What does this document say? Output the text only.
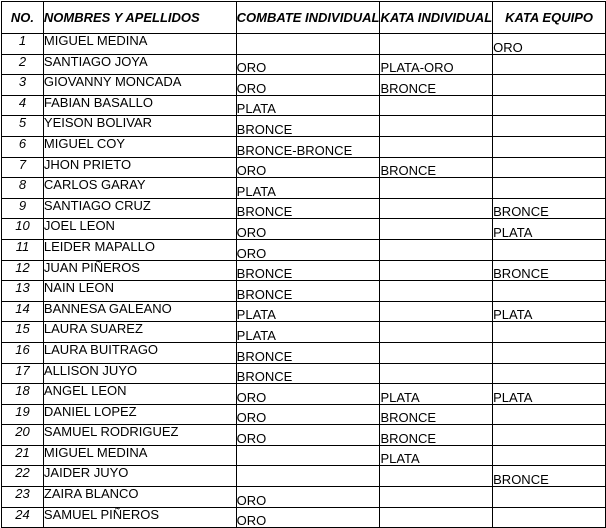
NO.	NOMBRES Y APELLIDOS	COMBATE INDIVIDUAL	KATA INDIVIDUAL	KATA EQUIPO
1	MIGUEL MEDINA			ORO
2	SANTIAGO JOYA	ORO	PLATA-ORO	
3	GIOVANNY MONCADA	ORO	BRONCE	
4	FABIAN BASALLO	PLATA		
5	YEISON BOLIVAR	BRONCE		
6	MIGUEL COY	BRONCE-BRONCE		
7	JHON PRIETO	ORO	BRONCE	
8	CARLOS GARAY	PLATA		
9	SANTIAGO CRUZ	BRONCE		BRONCE
10	JOEL LEON	ORO		PLATA
11	LEIDER MAPALLO	ORO		
12	JUAN PIÑEROS	BRONCE		BRONCE
13	NAIN LEON	BRONCE		
14	BANNESA GALEANO	PLATA		PLATA
15	LAURA SUAREZ	PLATA		
16	LAURA BUITRAGO	BRONCE		
17	ALLISON JUYO	BRONCE		
18	ANGEL LEON	ORO	PLATA	PLATA
19	DANIEL LOPEZ	ORO	BRONCE	
20	SAMUEL RODRIGUEZ	ORO	BRONCE	
21	MIGUEL MEDINA		PLATA	
22	JAIDER JUYO			BRONCE
23	ZAIRA BLANCO	ORO		
24	SAMUEL PIÑEROS	ORO		
